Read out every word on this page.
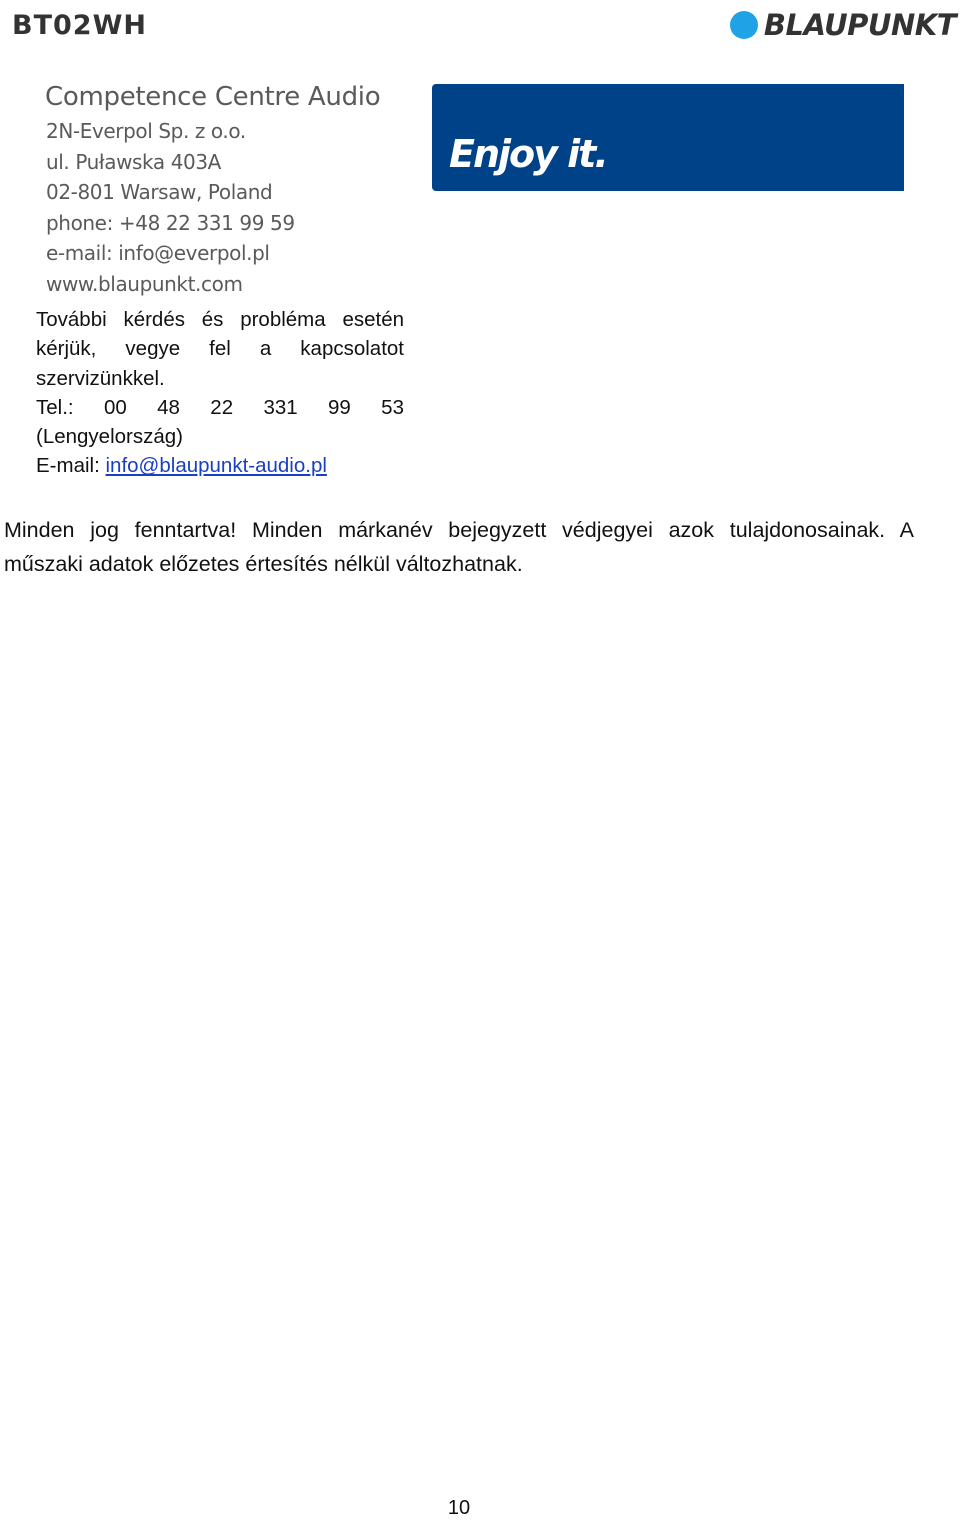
BT02WH	BLAUPUNKT
Competence Centre Audio
2N-Everpol Sp. z o.o.
ul. Puławska 403A
02-801 Warsaw, Poland
phone: +48 22 331 99 59
e-mail: info@everpol.pl
www.blaupunkt.com
Enjoy it.
További kérdés és probléma esetén
kérjük, vegye fel a kapcsolatot
szervizünkkel.
Tel.: 00 48 22 331 99 53
(Lengyelország)
E-mail: info@blaupunkt-audio.pl
Minden jog fenntartva! Minden márkanév bejegyzett védjegyei azok tulajdonosainak. A
műszaki adatok előzetes értesítés nélkül változhatnak.
10
